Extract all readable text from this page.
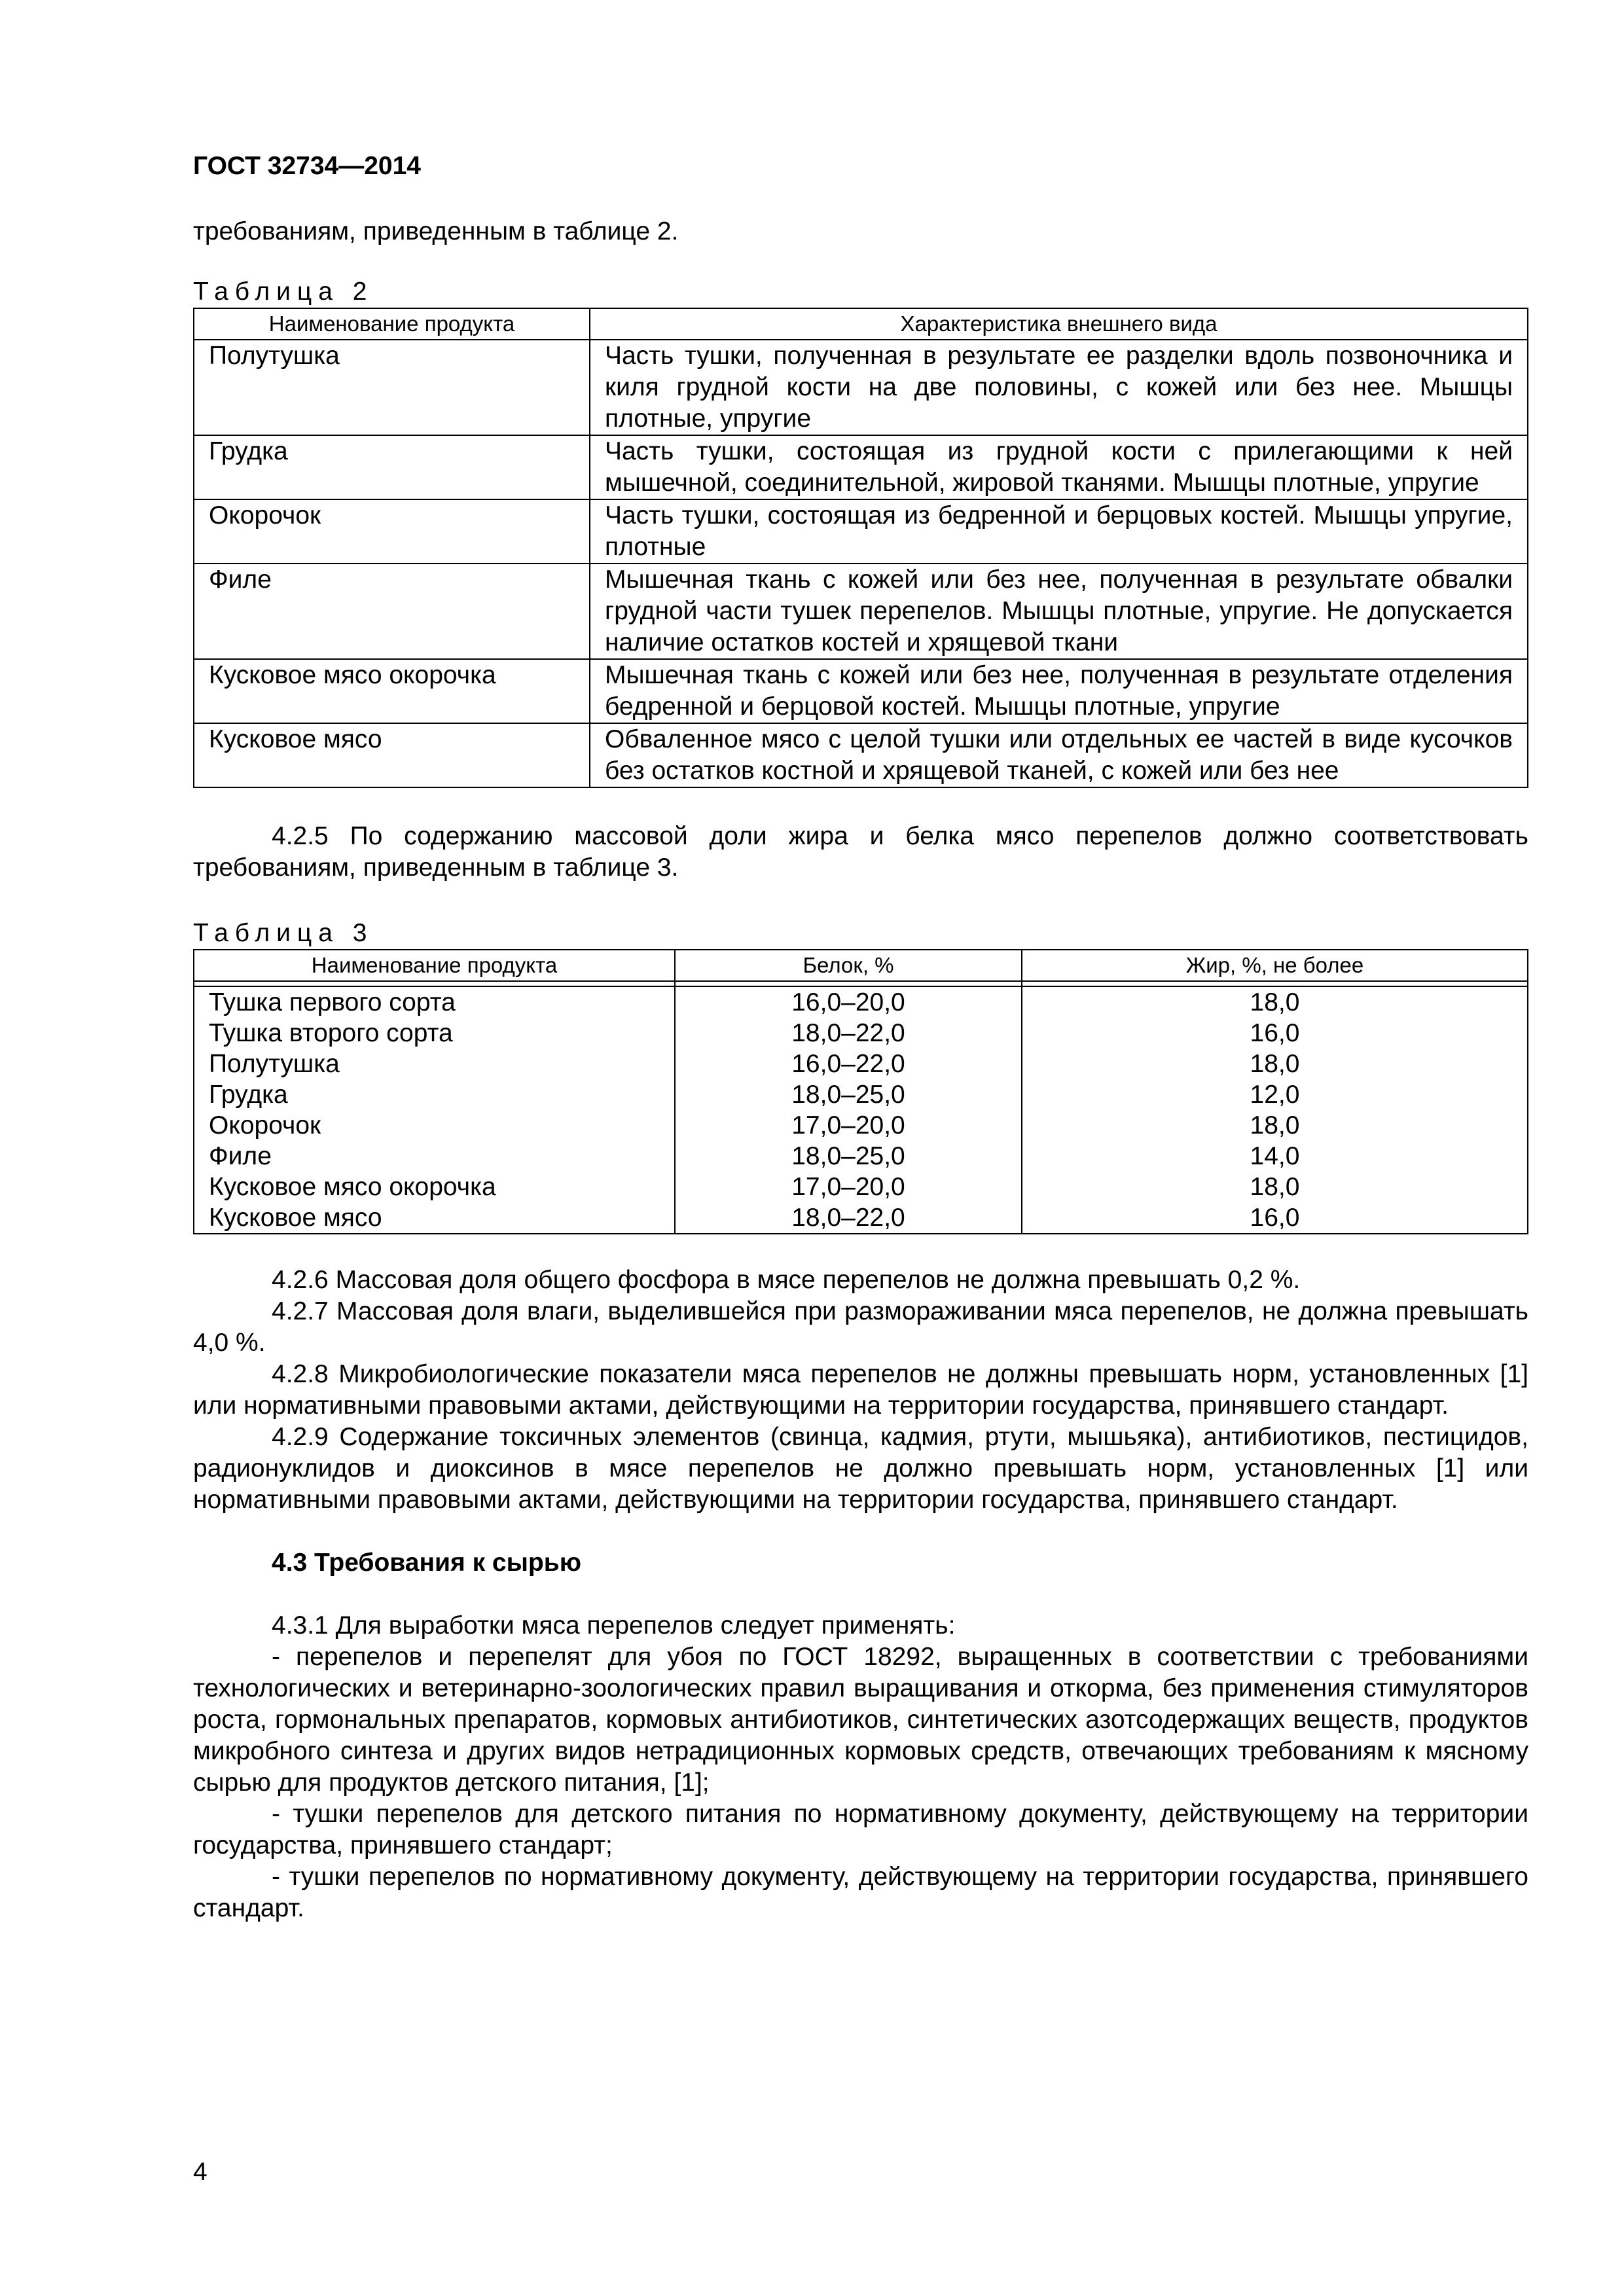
ГОСТ 32734—2014

требованиям, приведенным в таблице 2.

Таблица 2
Наименование продукта	Характеристика внешнего вида
Полутушка	Часть тушки, полученная в результате ее разделки вдоль позвоночника и киля грудной кости на две половины, с кожей или без нее. Мышцы плотные, упругие
Грудка	Часть тушки, состоящая из грудной кости с прилегающими к ней мышечной, соединительной, жировой тканями. Мышцы плотные, упругие
Окорочок	Часть тушки, состоящая из бедренной и берцовых костей. Мышцы упругие, плотные
Филе	Мышечная ткань с кожей или без нее, полученная в результате обвалки грудной части тушек перепелов. Мышцы плотные, упругие. Не допускается наличие остатков костей и хрящевой ткани
Кусковое мясо окорочка	Мышечная ткань с кожей или без нее, полученная в результате отделения бедренной и берцовой костей. Мышцы плотные, упругие
Кусковое мясо	Обваленное мясо с целой тушки или отдельных ее частей в виде кусочков без остатков костной и хрящевой тканей, с кожей или без нее

4.2.5 По содержанию массовой доли жира и белка мясо перепелов должно соответствовать требованиям, приведенным в таблице 3.

Таблица 3
Наименование продукта	Белок, %	Жир, %, не более

Тушка первого сорта	16,0–20,0	18,0
Тушка второго сорта	18,0–22,0	16,0
Полутушка	16,0–22,0	18,0
Грудка	18,0–25,0	12,0
Окорочок	17,0–20,0	18,0
Филе	18,0–25,0	14,0
Кусковое мясо окорочка	17,0–20,0	18,0
Кусковое мясо	18,0–22,0	16,0

4.2.6 Массовая доля общего фосфора в мясе перепелов не должна превышать 0,2 %.

4.2.7 Массовая доля влаги, выделившейся при размораживании мяса перепелов, не должна превышать 4,0 %.

4.2.8 Микробиологические показатели мяса перепелов не должны превышать норм, установленных [1] или нормативными правовыми актами, действующими на территории государства, принявшего стандарт.

4.2.9 Содержание токсичных элементов (свинца, кадмия, ртути, мышьяка), антибиотиков, пестицидов, радионуклидов и диоксинов в мясе перепелов не должно превышать норм, установленных [1] или нормативными правовыми актами, действующими на территории государства, принявшего стандарт.

4.3 Требования к сырью

4.3.1 Для выработки мяса перепелов следует применять:

- перепелов и перепелят для убоя по ГОСТ 18292, выращенных в соответствии с требованиями технологических и ветеринарно-зоологических правил выращивания и откорма, без применения стимуляторов роста, гормональных препаратов, кормовых антибиотиков, синтетических азотсодержащих веществ, продуктов микробного синтеза и других видов нетрадиционных кормовых средств, отвечающих требованиям к мясному сырью для продуктов детского питания, [1];

- тушки перепелов для детского питания по нормативному документу, действующему на территории государства, принявшего стандарт;

- тушки перепелов по нормативному документу, действующему на территории государства, принявшего стандарт.

4
